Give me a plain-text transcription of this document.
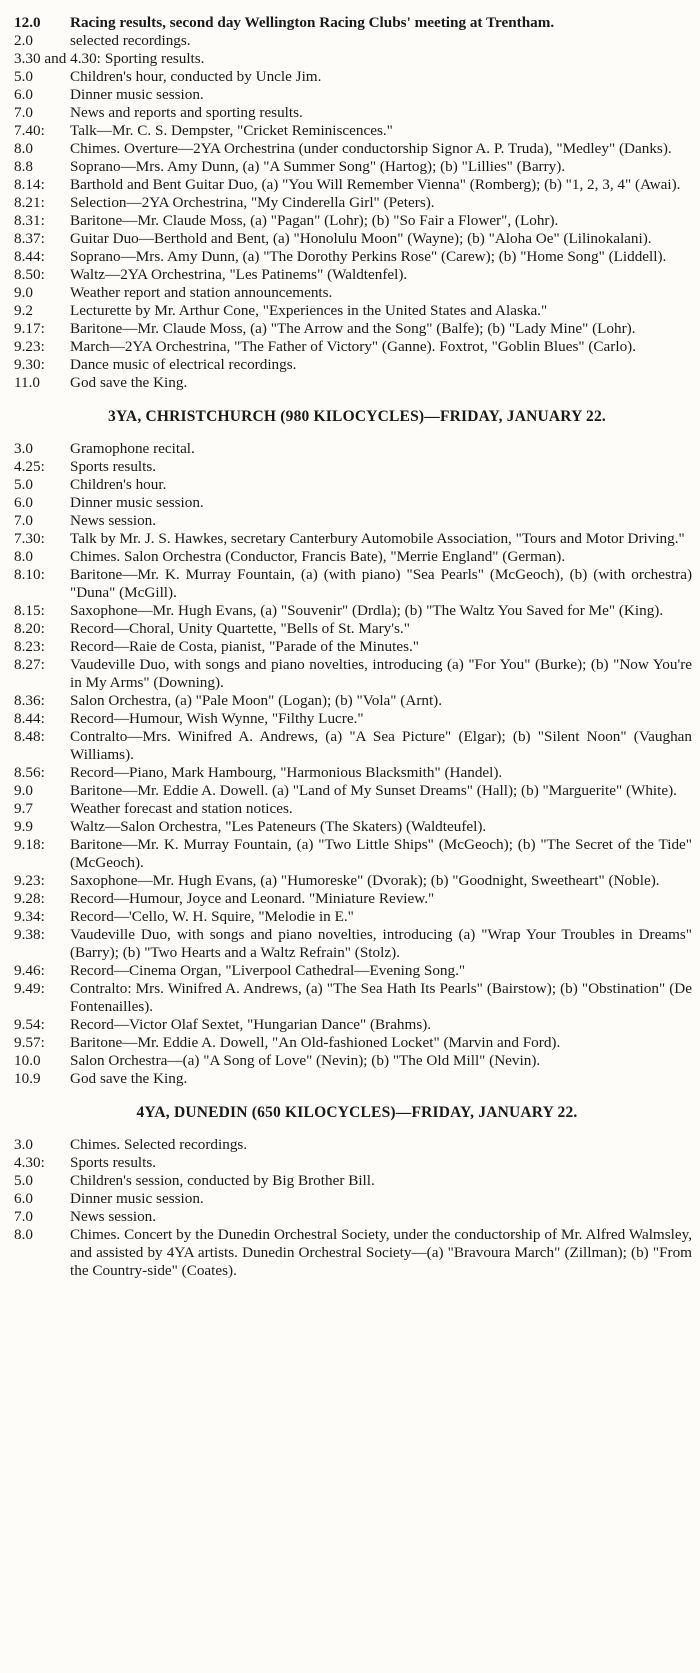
12.0	Racing results, second day Wellington Racing Clubs' meeting at Trentham.
2.0	selected recordings.
3.30 and 4.30: Sporting results.
5.0	Children's hour, conducted by Uncle Jim.
6.0	Dinner music session.
7.0	News and reports and sporting results.
7.40:	Talk—Mr. C. S. Dempster, "Cricket Reminiscences."
8.0	Chimes. Overture—2YA Orchestrina (under conductorship Signor A. P. Truda), "Medley" (Danks).
8.8	Soprano—Mrs. Amy Dunn, (a) "A Summer Song" (Hartog); (b) "Lillies" (Barry).
8.14:	Barthold and Bent Guitar Duo, (a) "You Will Remember Vienna" (Romberg); (b) "1, 2, 3, 4" (Awai).
8.21:	Selection—2YA Orchestrina, "My Cinderella Girl" (Peters).
8.31:	Baritone—Mr. Claude Moss, (a) "Pagan" (Lohr); (b) "So Fair a Flower", (Lohr).
8.37:	Guitar Duo—Berthold and Bent, (a) "Honolulu Moon" (Wayne); (b) "Aloha Oe" (Lilinokalani).
8.44:	Soprano—Mrs. Amy Dunn, (a) "The Dorothy Perkins Rose" (Carew); (b) "Home Song" (Liddell).
8.50:	Waltz—2YA Orchestrina, "Les Patinems" (Waldtenfel).
9.0	Weather report and station announcements.
9.2	Lecturette by Mr. Arthur Cone, "Experiences in the United States and Alaska."
9.17:	Baritone—Mr. Claude Moss, (a) "The Arrow and the Song" (Balfe); (b) "Lady Mine" (Lohr).
9.23:	March—2YA Orchestrina, "The Father of Victory" (Ganne). Foxtrot, "Goblin Blues" (Carlo).
9.30:	Dance music of electrical recordings.
11.0	God save the King.
3YA, CHRISTCHURCH (980 KILOCYCLES)—FRIDAY, JANUARY 22.
3.0	Gramophone recital.
4.25:	Sports results.
5.0	Children's hour.
6.0	Dinner music session.
7.0	News session.
7.30:	Talk by Mr. J. S. Hawkes, secretary Canterbury Automobile Association, "Tours and Motor Driving."
8.0	Chimes. Salon Orchestra (Conductor, Francis Bate), "Merrie England" (German).
8.10:	Baritone—Mr. K. Murray Fountain, (a) (with piano) "Sea Pearls" (McGeoch), (b) (with orchestra) "Duna" (McGill).
8.15:	Saxophone—Mr. Hugh Evans, (a) "Souvenir" (Drdla); (b) "The Waltz You Saved for Me" (King).
8.20:	Record—Choral, Unity Quartette, "Bells of St. Mary's."
8.23:	Record—Raie de Costa, pianist, "Parade of the Minutes."
8.27:	Vaudeville Duo, with songs and piano novelties, introducing (a) "For You" (Burke); (b) "Now You're in My Arms" (Downing).
8.36:	Salon Orchestra, (a) "Pale Moon" (Logan); (b) "Vola" (Arnt).
8.44:	Record—Humour, Wish Wynne, "Filthy Lucre."
8.48:	Contralto—Mrs. Winifred A. Andrews, (a) "A Sea Picture" (Elgar); (b) "Silent Noon" (Vaughan Williams).
8.56:	Record—Piano, Mark Hambourg, "Harmonious Blacksmith" (Handel).
9.0	Baritone—Mr. Eddie A. Dowell. (a) "Land of My Sunset Dreams" (Hall); (b) "Marguerite" (White).
9.7	Weather forecast and station notices.
9.9	Waltz—Salon Orchestra, "Les Pateneurs (The Skaters) (Waldteufel).
9.18:	Baritone—Mr. K. Murray Fountain, (a) "Two Little Ships" (McGeoch); (b) "The Secret of the Tide" (McGeoch).
9.23:	Saxophone—Mr. Hugh Evans, (a) "Humoreske" (Dvorak); (b) "Goodnight, Sweetheart" (Noble).
9.28:	Record—Humour, Joyce and Leonard. "Miniature Review."
9.34:	Record—'Cello, W. H. Squire, "Melodie in E."
9.38:	Vaudeville Duo, with songs and piano novelties, introducing (a) "Wrap Your Troubles in Dreams" (Barry); (b) "Two Hearts and a Waltz Refrain" (Stolz).
9.46:	Record—Cinema Organ, "Liverpool Cathedral—Evening Song."
9.49:	Contralto: Mrs. Winifred A. Andrews, (a) "The Sea Hath Its Pearls" (Bairstow); (b) "Obstination" (De Fontenailles).
9.54:	Record—Victor Olaf Sextet, "Hungarian Dance" (Brahms).
9.57:	Baritone—Mr. Eddie A. Dowell, "An Old-fashioned Locket" (Marvin and Ford).
10.0	Salon Orchestra—(a) "A Song of Love" (Nevin); (b) "The Old Mill" (Nevin).
10.9	God save the King.
4YA, DUNEDIN (650 KILOCYCLES)—FRIDAY, JANUARY 22.
3.0	Chimes. Selected recordings.
4.30:	Sports results.
5.0	Children's session, conducted by Big Brother Bill.
6.0	Dinner music session.
7.0	News session.
8.0	Chimes. Concert by the Dunedin Orchestral Society, under the conductorship of Mr. Alfred Walmsley, and assisted by 4YA artists. Dunedin Orchestral Society—(a) "Bravoura March" (Zillman); (b) "From the Country-side" (Coates).
